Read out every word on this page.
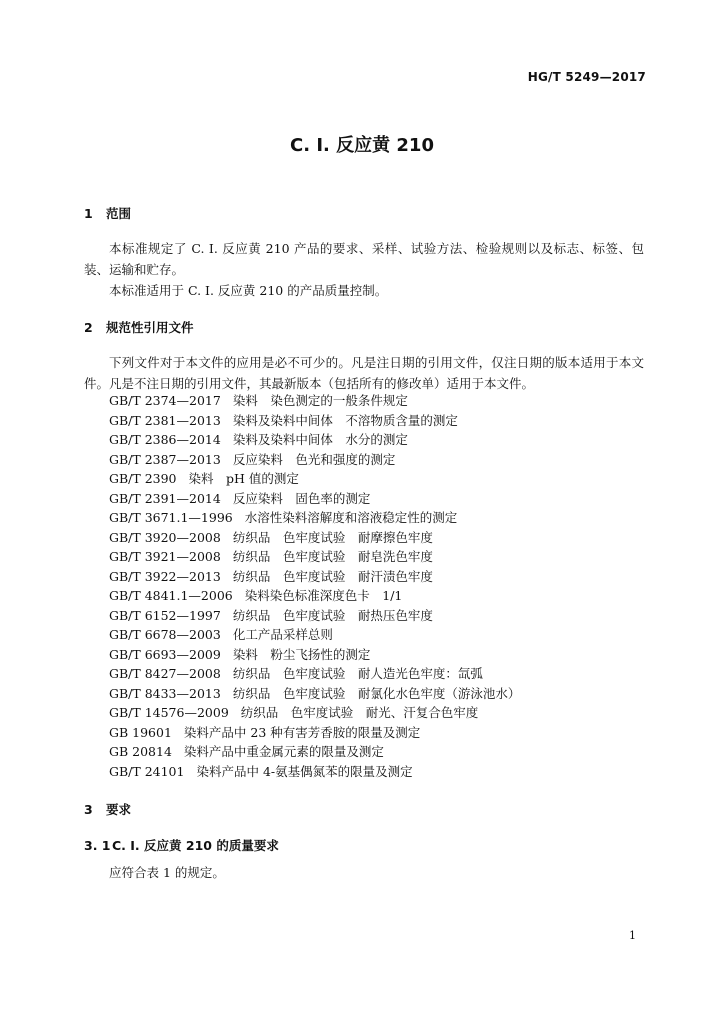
HG/T 5249—2017
C. I. 反应黄 210
1 范围
本标准规定了 C. I. 反应黄 210 产品的要求、采样、试验方法、检验规则以及标志、标签、包装、运输和贮存。
本标准适用于 C. I. 反应黄 210 的产品质量控制。
2 规范性引用文件
下列文件对于本文件的应用是必不可少的。凡是注日期的引用文件，仅注日期的版本适用于本文件。凡是不注日期的引用文件，其最新版本（包括所有的修改单）适用于本文件。
GB/T 2374—2017 染料　染色测定的一般条件规定
GB/T 2381—2013 染料及染料中间体　不溶物质含量的测定
GB/T 2386—2014 染料及染料中间体　水分的测定
GB/T 2387—2013 反应染料　色光和强度的测定
GB/T 2390 染料　pH 值的测定
GB/T 2391—2014 反应染料　固色率的测定
GB/T 3671.1—1996 水溶性染料溶解度和溶液稳定性的测定
GB/T 3920—2008 纺织品　色牢度试验　耐摩擦色牢度
GB/T 3921—2008 纺织品　色牢度试验　耐皂洗色牢度
GB/T 3922—2013 纺织品　色牢度试验　耐汗渍色牢度
GB/T 4841.1—2006 染料染色标准深度色卡　1/1
GB/T 6152—1997 纺织品　色牢度试验　耐热压色牢度
GB/T 6678—2003 化工产品采样总则
GB/T 6693—2009 染料　粉尘飞扬性的测定
GB/T 8427—2008 纺织品　色牢度试验　耐人造光色牢度：氙弧
GB/T 8433—2013 纺织品　色牢度试验　耐氯化水色牢度（游泳池水）
GB/T 14576—2009 纺织品　色牢度试验　耐光、汗复合色牢度
GB 19601 染料产品中 23 种有害芳香胺的限量及测定
GB 20814 染料产品中重金属元素的限量及测定
GB/T 24101 染料产品中 4-氨基偶氮苯的限量及测定
3 要求
3. 1 C. I. 反应黄 210 的质量要求
应符合表 1 的规定。
1
